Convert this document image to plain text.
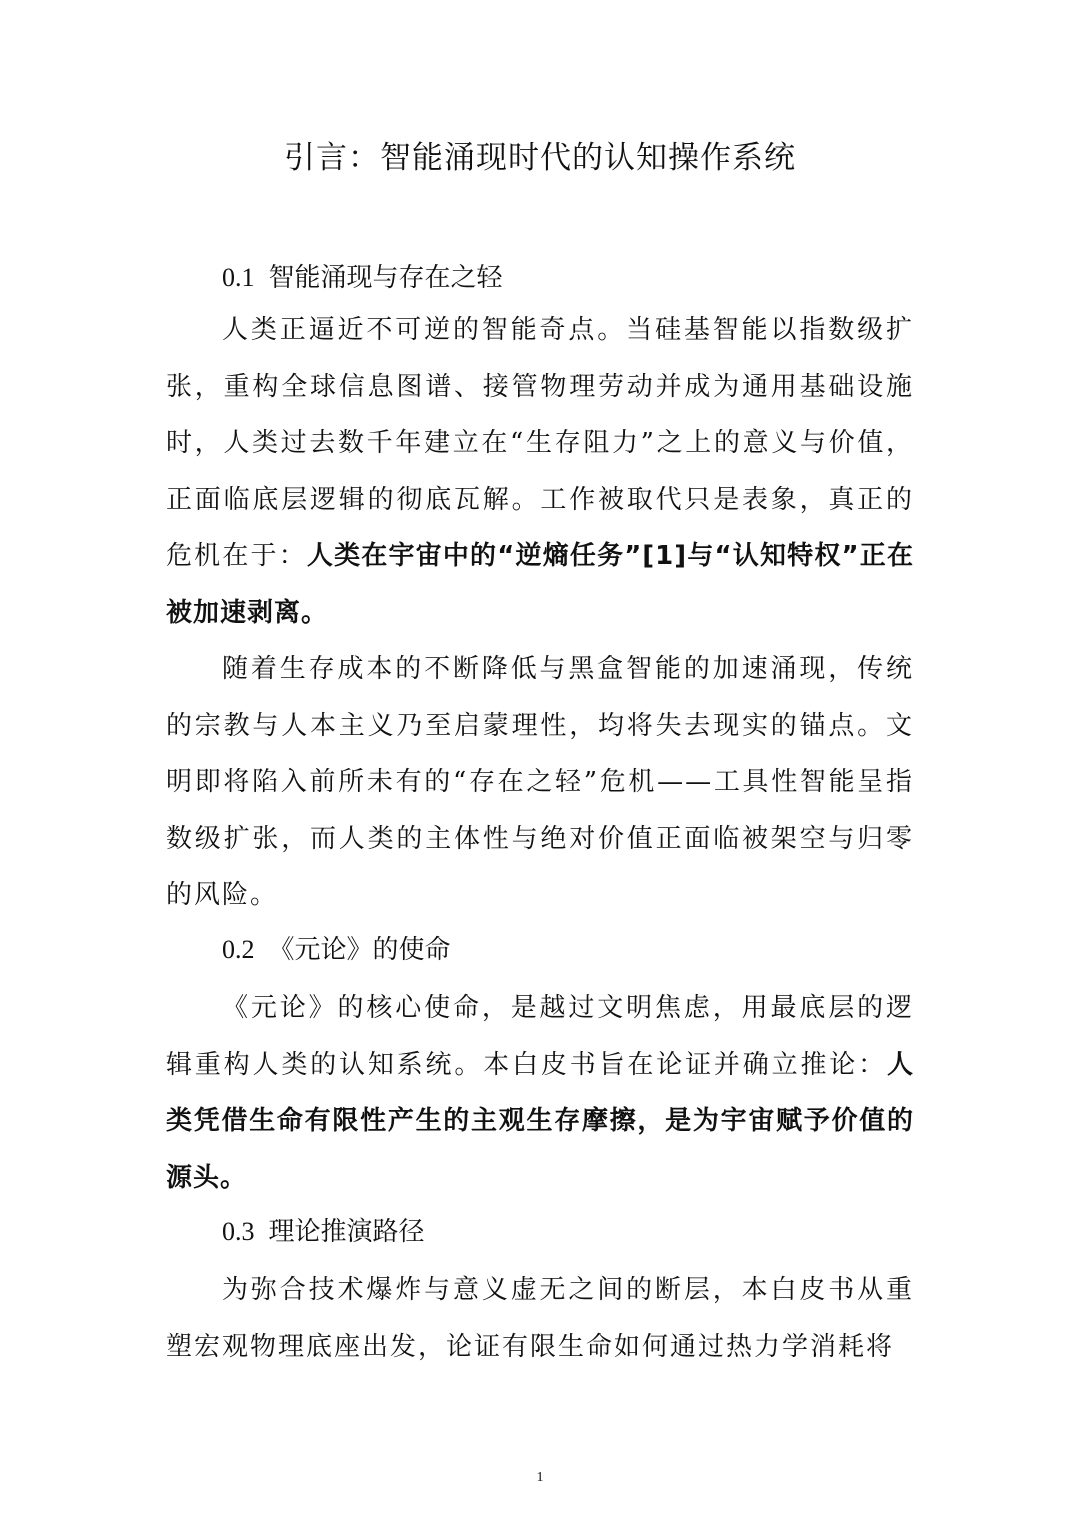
引言：智能涌现时代的认知操作系统
0.1 智能涌现与存在之轻

人类正逼近不可逆的智能奇点。当硅基智能以指数级扩张，重构全球信息图谱、接管物理劳动并成为通用基础设施时，人类过去数千年建立在“生存阻力”之上的意义与价值，正面临底层逻辑的彻底瓦解。工作被取代只是表象，真正的危机在于：人类在宇宙中的“逆熵任务”[1]与“认知特权”正在被加速剥离。

随着生存成本的不断降低与黑盒智能的加速涌现，传统的宗教与人本主义乃至启蒙理性，均将失去现实的锚点。文明即将陷入前所未有的“存在之轻”危机——工具性智能呈指数级扩张，而人类的主体性与绝对价值正面临被架空与归零的风险。

0.2 《元论》的使命

《元论》的核心使命，是越过文明焦虑，用最底层的逻辑重构人类的认知系统。本白皮书旨在论证并确立推论：人类凭借生命有限性产生的主观生存摩擦，是为宇宙赋予价值的源头。

0.3 理论推演路径

为弥合技术爆炸与意义虚无之间的断层，本白皮书从重塑宏观物理底座出发，论证有限生命如何通过热力学消耗将

1
